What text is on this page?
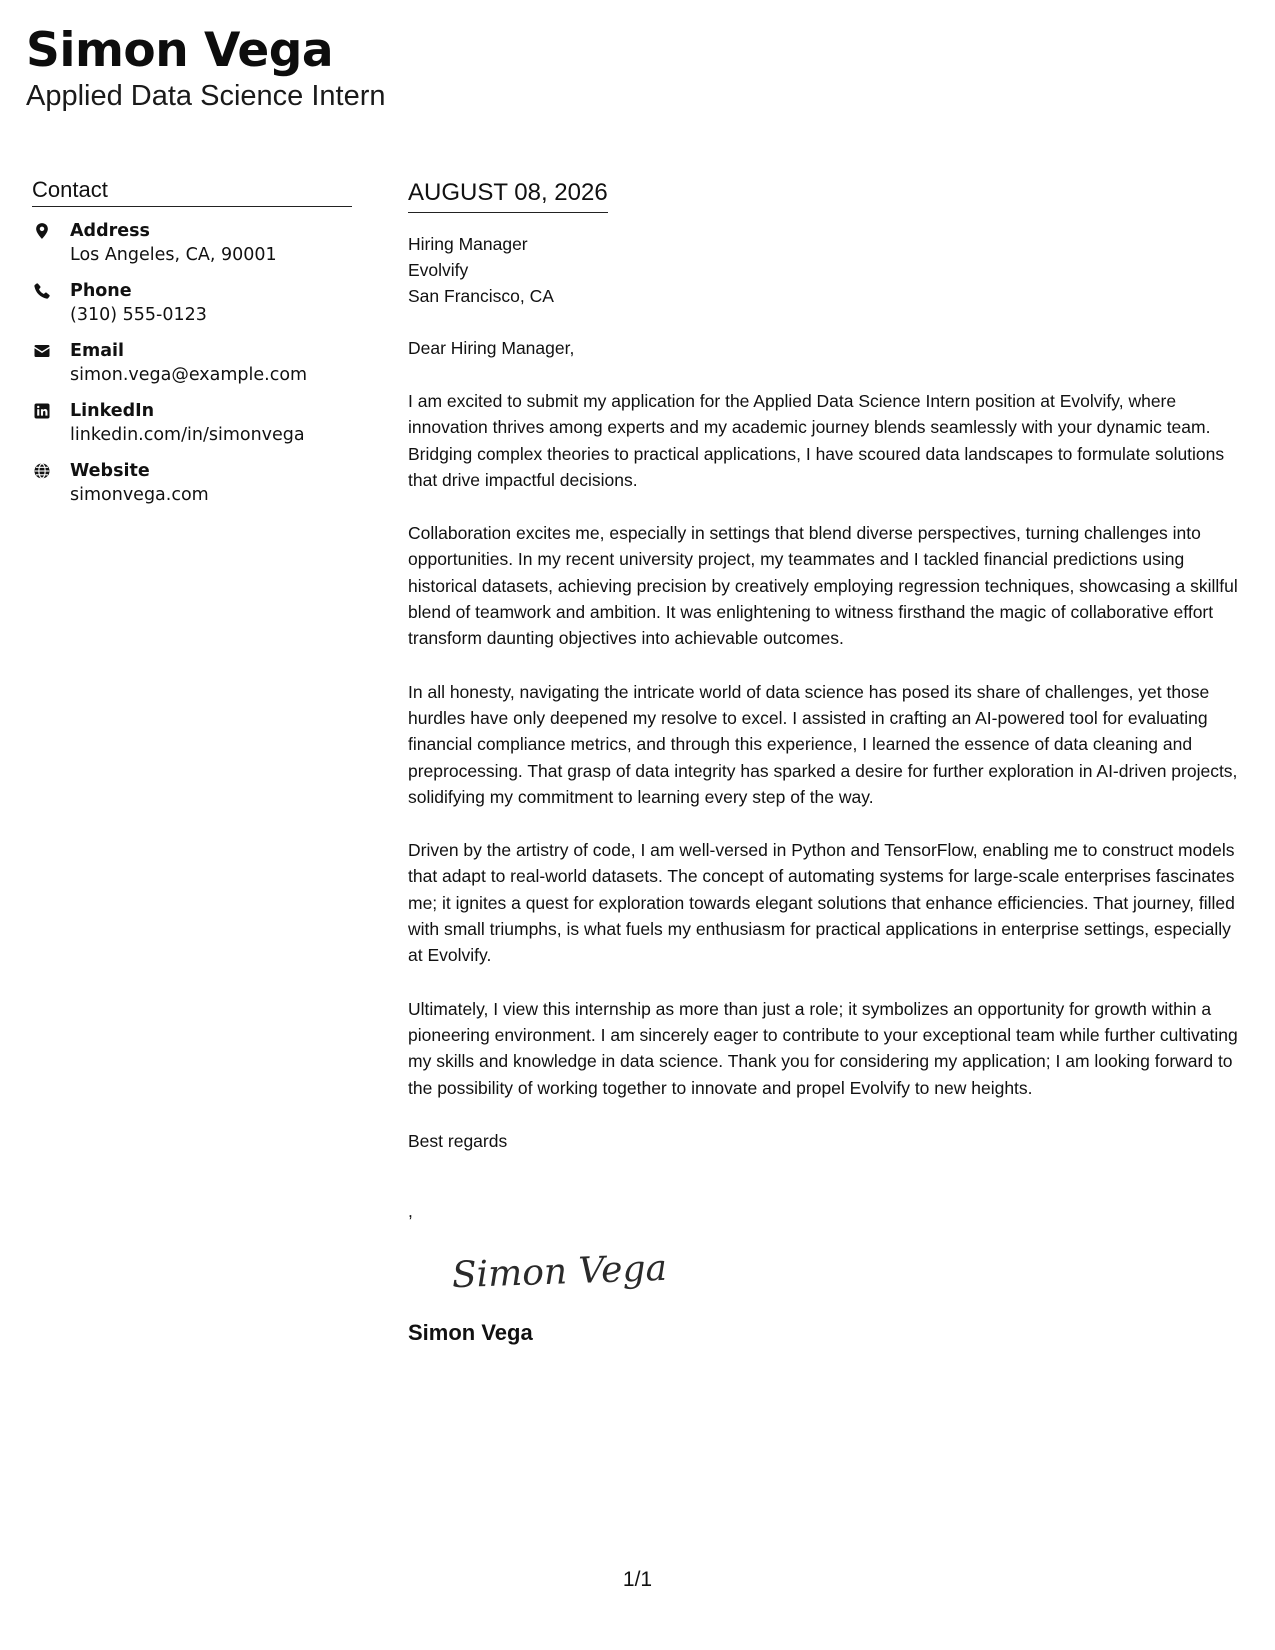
Simon Vega
Applied Data Science Intern
Contact
Address
Los Angeles, CA, 90001
Phone
(310) 555-0123
Email
simon.vega@example.com
LinkedIn
linkedin.com/in/simonvega
Website
simonvega.com
AUGUST 08, 2026
Hiring Manager
Evolvify
San Francisco, CA
Dear Hiring Manager,

I am excited to submit my application for the Applied Data Science Intern position at Evolvify, where innovation thrives among experts and my academic journey blends seamlessly with your dynamic team. Bridging complex theories to practical applications, I have scoured data landscapes to formulate solutions that drive impactful decisions.

Collaboration excites me, especially in settings that blend diverse perspectives, turning challenges into opportunities. In my recent university project, my teammates and I tackled financial predictions using historical datasets, achieving precision by creatively employing regression techniques, showcasing a skillful blend of teamwork and ambition. It was enlightening to witness firsthand the magic of collaborative effort transform daunting objectives into achievable outcomes.

In all honesty, navigating the intricate world of data science has posed its share of challenges, yet those hurdles have only deepened my resolve to excel. I assisted in crafting an AI-powered tool for evaluating financial compliance metrics, and through this experience, I learned the essence of data cleaning and preprocessing. That grasp of data integrity has sparked a desire for further exploration in AI-driven projects, solidifying my commitment to learning every step of the way.

Driven by the artistry of code, I am well-versed in Python and TensorFlow, enabling me to construct models that adapt to real-world datasets. The concept of automating systems for large-scale enterprises fascinates me; it ignites a quest for exploration towards elegant solutions that enhance efficiencies. That journey, filled with small triumphs, is what fuels my enthusiasm for practical applications in enterprise settings, especially at Evolvify.

Ultimately, I view this internship as more than just a role; it symbolizes an opportunity for growth within a pioneering environment. I am sincerely eager to contribute to your exceptional team while further cultivating my skills and knowledge in data science. Thank you for considering my application; I am looking forward to the possibility of working together to innovate and propel Evolvify to new heights.

Best regards
,
Simon Vega
Simon Vega
1/1
